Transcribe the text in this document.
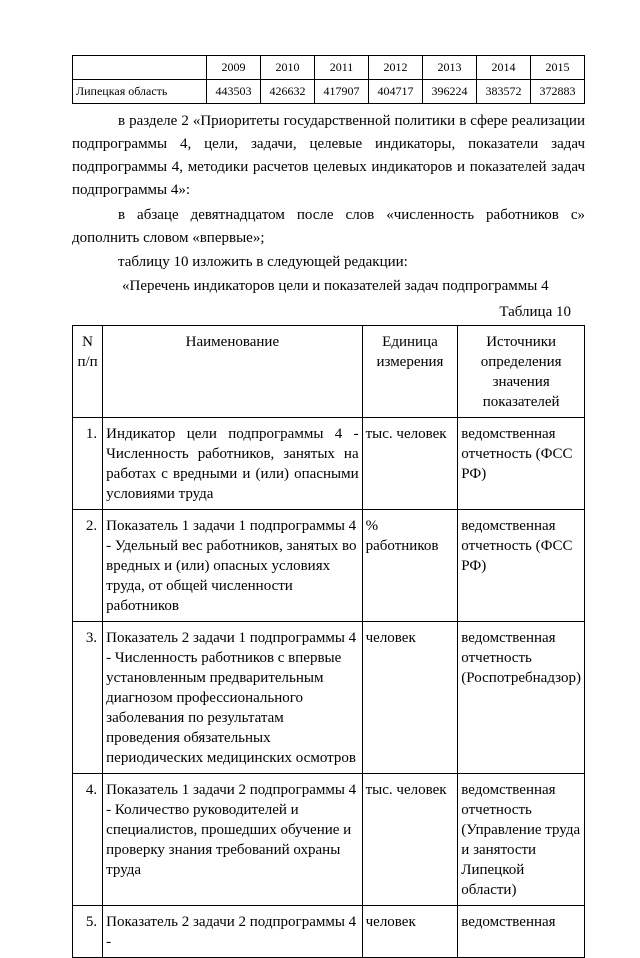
	2009	2010	2011	2012	2013	2014	2015
Липецкая область	443503	426632	417907	404717	396224	383572	372883
в разделе 2 «Приоритеты государственной политики в сфере реализации
подпрограммы 4, цели, задачи, целевые индикаторы, показатели задач
подпрограммы 4, методики расчетов целевых индикаторов и показателей задач
подпрограммы 4»:
в абзаце девятнадцатом после слов «численность работников с»
дополнить словом «впервые»;
таблицу 10 изложить в следующей редакции:
«Перечень индикаторов цели и показателей задач подпрограммы 4
Таблица 10
N п/п	Наименование	Единица измерения	Источники определения значения показателей
1.	Индикатор цели подпрограммы 4 - Численность работников, занятых на работах с вредными и (или) опасными условиями труда	тыс. человек	ведомственная отчетность (ФСС РФ)
2.	Показатель 1 задачи 1 подпрограммы 4 - Удельный вес работников, занятых во вредных и (или) опасных условиях труда, от общей численности работников	% работников	ведомственная отчетность (ФСС РФ)
3.	Показатель 2 задачи 1 подпрограммы 4 - Численность работников с впервые установленным предварительным диагнозом профессионального заболевания по результатам проведения обязательных периодических медицинских осмотров	человек	ведомственная отчетность (Роспотребнадзор)
4.	Показатель 1 задачи 2 подпрограммы 4 - Количество руководителей и специалистов, прошедших обучение и проверку знания требований охраны труда	тыс. человек	ведомственная отчетность (Управление труда и занятости Липецкой области)
5.	Показатель 2 задачи 2 подпрограммы 4 -	человек	ведомственная
